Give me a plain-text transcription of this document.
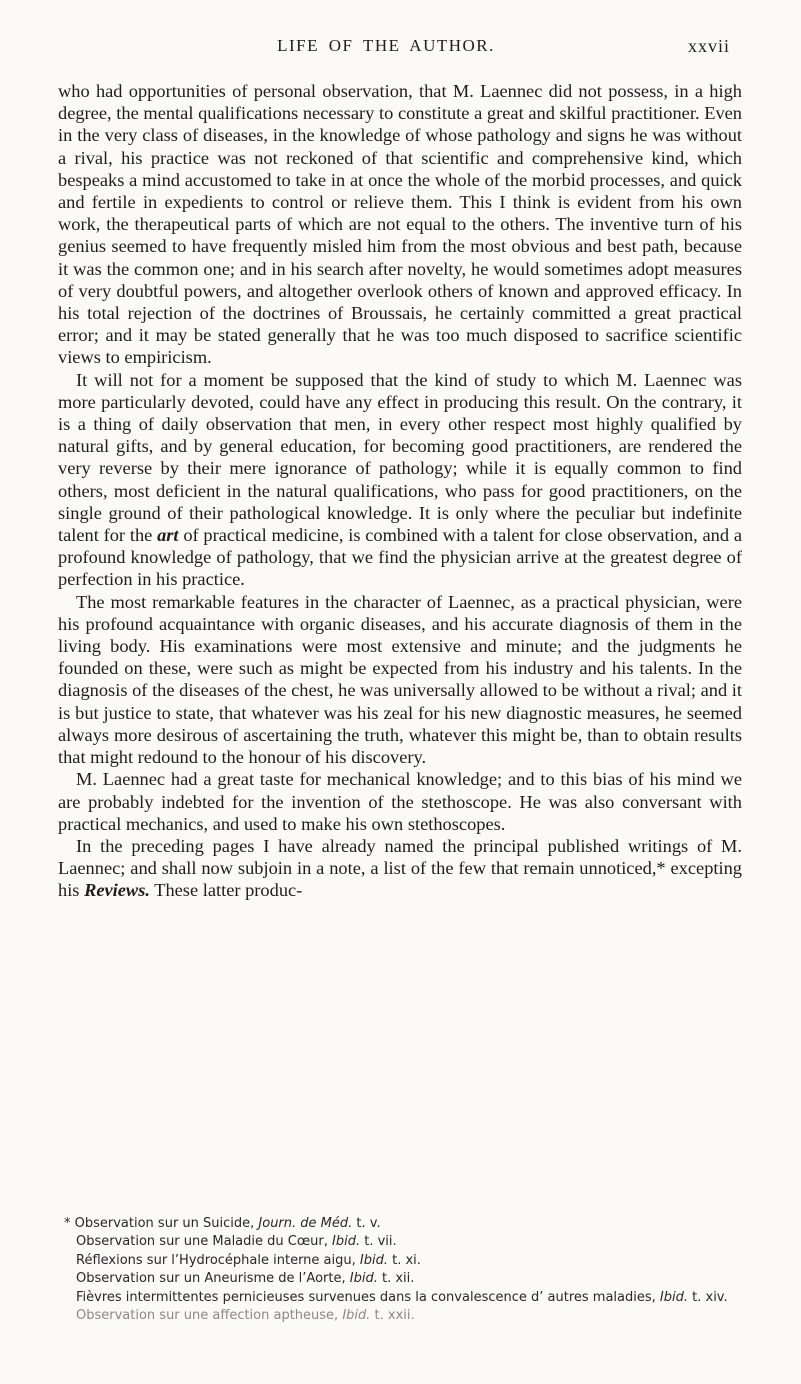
LIFE OF THE AUTHOR.	xxvii

who had opportunities of personal observation, that M. Laennec did not possess, in a high degree, the mental qualifications necessary to constitute a great and skilful practitioner. Even in the very class of diseases, in the knowledge of whose pathology and signs he was without a rival, his practice was not reckoned of that scientific and comprehensive kind, which bespeaks a mind accustomed to take in at once the whole of the morbid processes, and quick and fertile in expedients to control or relieve them. This I think is evident from his own work, the therapeutical parts of which are not equal to the others. The inventive turn of his genius seemed to have frequently misled him from the most obvious and best path, because it was the common one; and in his search after novelty, he would sometimes adopt measures of very doubtful powers, and altogether overlook others of known and approved efficacy. In his total rejection of the doctrines of Broussais, he certainly committed a great practical error; and it may be stated generally that he was too much disposed to sacrifice scientific views to empiricism.

It will not for a moment be supposed that the kind of study to which M. Laennec was more particularly devoted, could have any effect in producing this result. On the contrary, it is a thing of daily observation that men, in every other respect most highly qualified by natural gifts, and by general education, for becoming good practitioners, are rendered the very reverse by their mere ignorance of pathology; while it is equally common to find others, most deficient in the natural qualifications, who pass for good practitioners, on the single ground of their pathological knowledge. It is only where the peculiar but indefinite talent for the art of practical medicine, is combined with a talent for close observation, and a profound knowledge of pathology, that we find the physician arrive at the greatest degree of perfection in his practice.

The most remarkable features in the character of Laennec, as a practical physician, were his profound acquaintance with organic diseases, and his accurate diagnosis of them in the living body. His examinations were most extensive and minute; and the judgments he founded on these, were such as might be expected from his industry and his talents. In the diagnosis of the diseases of the chest, he was universally allowed to be without a rival; and it is but justice to state, that whatever was his zeal for his new diagnostic measures, he seemed always more desirous of ascertaining the truth, whatever this might be, than to obtain results that might redound to the honour of his discovery.

M. Laennec had a great taste for mechanical knowledge; and to this bias of his mind we are probably indebted for the invention of the stethoscope. He was also conversant with practical mechanics, and used to make his own stethoscopes.

In the preceding pages I have already named the principal published writings of M. Laennec; and shall now subjoin in a note, a list of the few that remain unnoticed,* excepting his Reviews. These latter produc-

* Observation sur un Suicide, Journ. de Méd. t. v.

Observation sur une Maladie du Cœur, Ibid. t. vii.

Réflexions sur l’Hydrocéphale interne aigu, Ibid. t. xi.

Observation sur un Aneurisme de l’Aorte, Ibid. t. xii.

Fièvres intermittentes pernicieuses survenues dans la convalescence d’ autres maladies, Ibid. t. xiv.

Observation sur une affection aptheuse, Ibid. t. xxii.
